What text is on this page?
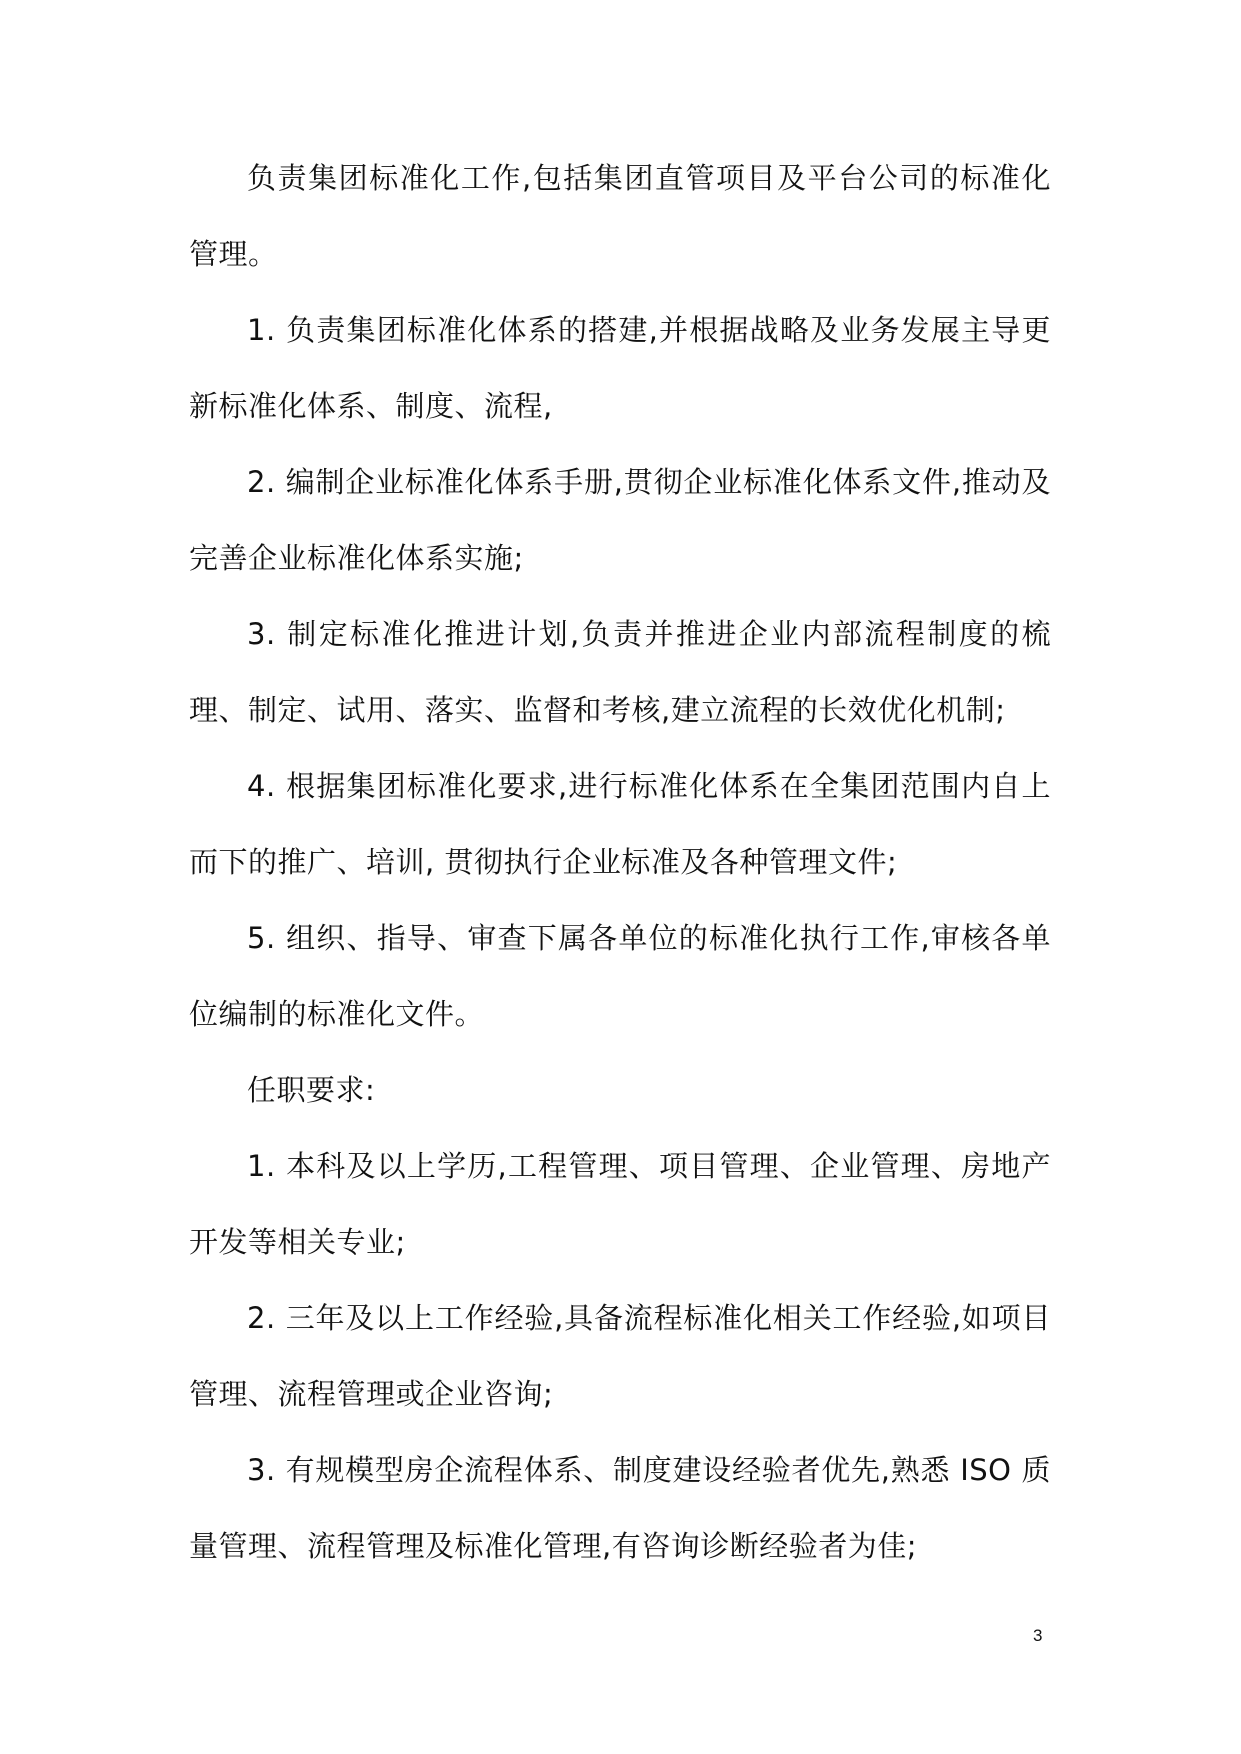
负责集团标准化工作,包括集团直管项目及平台公司的标准化管理。

1. 负责集团标准化体系的搭建,并根据战略及业务发展主导更新标准化体系、制度、流程,

2. 编制企业标准化体系手册,贯彻企业标准化体系文件,推动及完善企业标准化体系实施;

3. 制定标准化推进计划,负责并推进企业内部流程制度的梳理、制定、试用、落实、监督和考核,建立流程的长效优化机制;

4. 根据集团标准化要求,进行标准化体系在全集团范围内自上而下的推广、培训, 贯彻执行企业标准及各种管理文件;

5. 组织、指导、审查下属各单位的标准化执行工作,审核各单位编制的标准化文件。

任职要求:

1. 本科及以上学历,工程管理、项目管理、企业管理、房地产开发等相关专业;

2. 三年及以上工作经验,具备流程标准化相关工作经验,如项目管理、流程管理或企业咨询;

3. 有规模型房企流程体系、制度建设经验者优先,熟悉 ISO 质量管理、流程管理及标准化管理,有咨询诊断经验者为佳;

3
